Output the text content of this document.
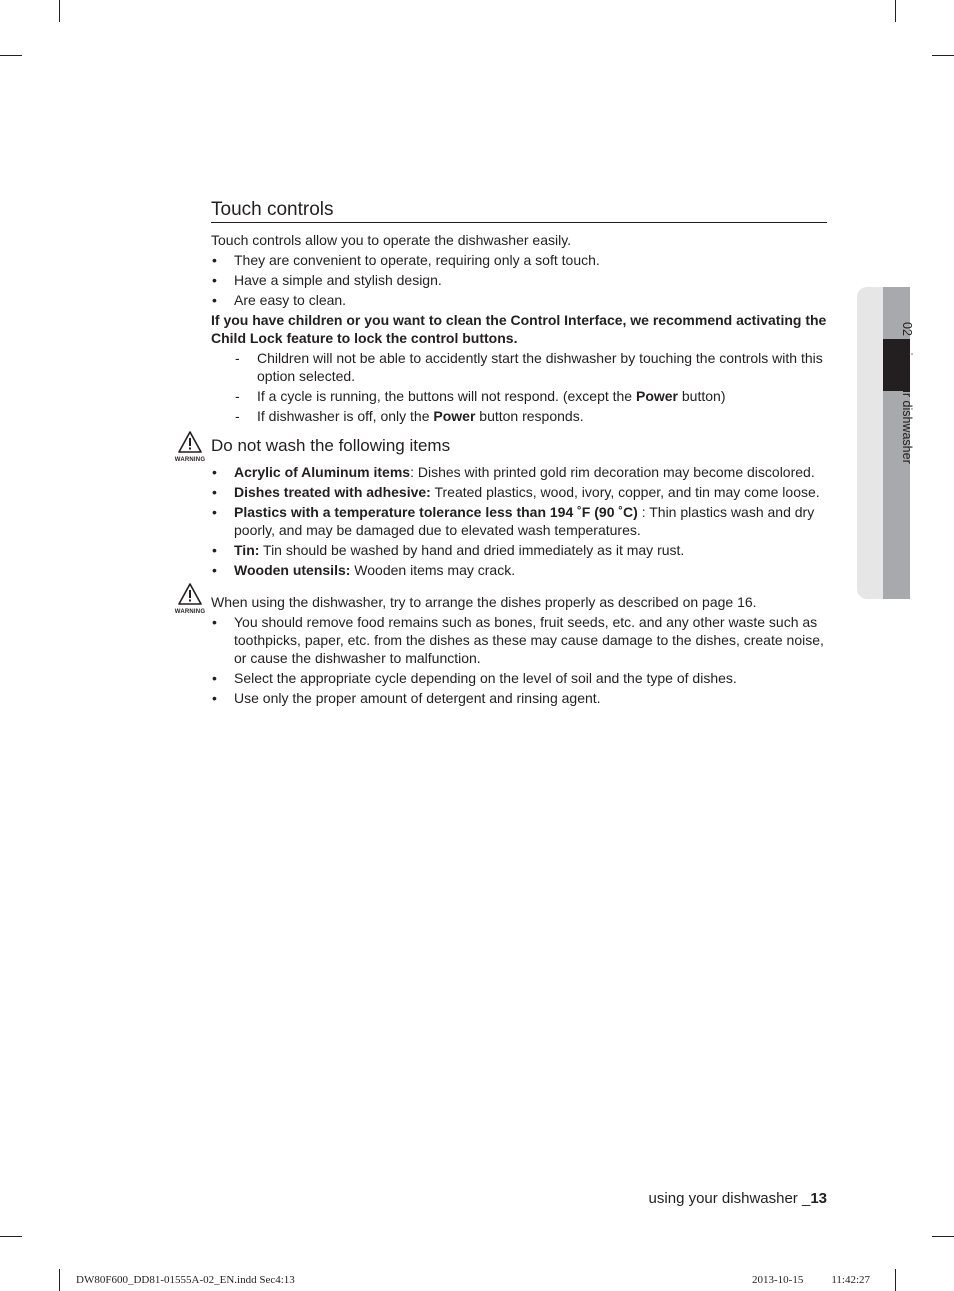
02 using your dishwasher
Touch controls

Touch controls allow you to operate the dishwasher easily.

• They are convenient to operate, requiring only a soft touch.
• Have a simple and stylish design.
• Are easy to clean.

If you have children or you want to clean the Control Interface, we recommend activating the Child Lock feature to lock the control buttons.

- Children will not be able to accidently start the dishwasher by touching the controls with this option selected.
- If a cycle is running, the buttons will not respond. (except the Power button)
- If dishwasher is off, only the Power button responds.
WARNING
Do not wash the following items
• Acrylic of Aluminum items: Dishes with printed gold rim decoration may become discolored.
• Dishes treated with adhesive: Treated plastics, wood, ivory, copper, and tin may come loose.
• Plastics with a temperature tolerance less than 194 ˚F (90 ˚C) : Thin plastics wash and dry poorly, and may be damaged due to elevated wash temperatures.
• Tin: Tin should be washed by hand and dried immediately as it may rust.
• Wooden utensils: Wooden items may crack.
WARNING

When using the dishwasher, try to arrange the dishes properly as described on page 16.

• You should remove food remains such as bones, fruit seeds, etc. and any other waste such as toothpicks, paper, etc. from the dishes as these may cause damage to the dishes, create noise, or cause the dishwasher to malfunction.
• Select the appropriate cycle depending on the level of soil and the type of dishes.
• Use only the proper amount of detergent and rinsing agent.
using your dishwasher _13
DW80F600_DD81-01555A-02_EN.indd Sec4:13	2013-10-15	11:42:27
